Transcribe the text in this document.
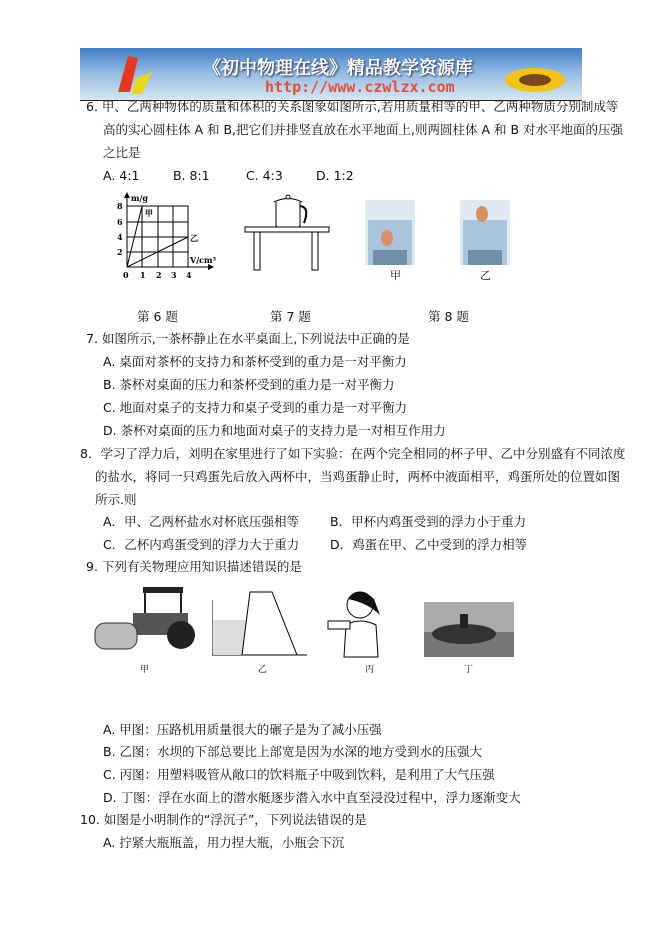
《初中物理在线》精品教学资源库
http://www.czwlzx.com
6. 甲、乙两种物体的质量和体积的关系图象如图所示,若用质量相等的甲、乙两种物质分别制成等
高的实心圆柱体 A 和 B,把它们并排竖直放在水平地面上,则两圆柱体 A 和 B 对水平地面的压强
之比是
A. 4:1	B. 8:1	C. 4:3	D. 1:2
m/g
V/cm³
8
6
4
2
0 1 2 3 4
甲
乙
甲	乙
第 6 题	第 7 题	第 8 题
7. 如图所示,一茶杯静止在水平桌面上,下列说法中正确的是
A. 桌面对茶杯的支持力和茶杯受到的重力是一对平衡力
B. 茶杯对桌面的压力和茶杯受到的重力是一对平衡力
C. 地面对桌子的支持力和桌子受到的重力是一对平衡力
D. 茶杯对桌面的压力和地面对桌子的支持力是一对相互作用力
8．学习了浮力后，刘明在家里进行了如下实验：在两个完全相同的杯子甲、乙中分别盛有不同浓度
的盐水，将同一只鸡蛋先后放入两杯中，当鸡蛋静止时，两杯中液面相平，鸡蛋所处的位置如图
所示.则
A．甲、乙两杯盐水对杯底压强相等 B．甲杯内鸡蛋受到的浮力小于重力
C．乙杯内鸡蛋受到的浮力大于重力 D．鸡蛋在甲、乙中受到的浮力相等
9. 下列有关物理应用知识描述错误的是
甲	乙	丙	丁
A. 甲图：压路机用质量很大的碾子是为了减小压强
B. 乙图：水坝的下部总要比上部宽是因为水深的地方受到水的压强大
C. 丙图：用塑料吸管从敞口的饮料瓶子中吸到饮料，是利用了大气压强
D. 丁图：浮在水面上的潜水艇逐步潜入水中直至浸没过程中，浮力逐渐变大
10. 如图是小明制作的“浮沉子”，下列说法错误的是
A. 拧紧大瓶瓶盖，用力捏大瓶，小瓶会下沉
